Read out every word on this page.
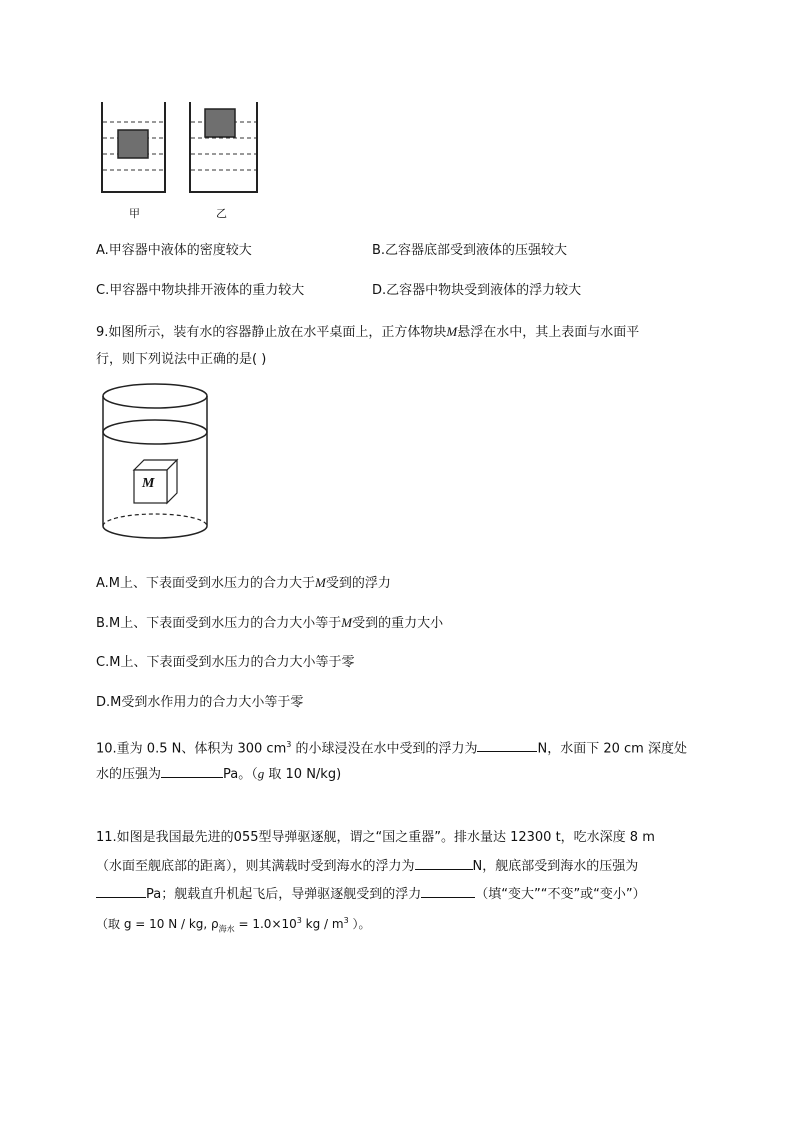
甲	乙
A.甲容器中液体的密度较大	B.乙容器底部受到液体的压强较大
C.甲容器中物块排开液体的重力较大	D.乙容器中物块受到液体的浮力较大
9.如图所示，装有水的容器静止放在水平桌面上，正方体物块M悬浮在水中，其上表面与水面平
行，则下列说法中正确的是( )
M
A.M上、下表面受到水压力的合力大于M受到的浮力
B.M上、下表面受到水压力的合力大小等于M受到的重力大小
C.M上、下表面受到水压力的合力大小等于零
D.M受到水作用力的合力大小等于零
10.重为 0.5 N、体积为 300 $cm^3$ 的小球浸没在水中受到的浮力为	N，水面下 20 cm 深度处
水的压强为	Pa。（g 取 10 N/kg)
11.如图是我国最先进的055型导弹驱逐舰，谓之“国之重器”。排水量达 12300 t，吃水深度 8 m
（水面至舰底部的距离），则其满载时受到海水的浮力为	N，舰底部受到海水的压强为
Pa；舰载直升机起飞后，导弹驱逐舰受到的浮力	（填“变大”“不变”或“变小”）
（取 g = 10 N / kg, $\rho_{海水} = 1.0\times 10^3$ kg / $m^3$ ）。
